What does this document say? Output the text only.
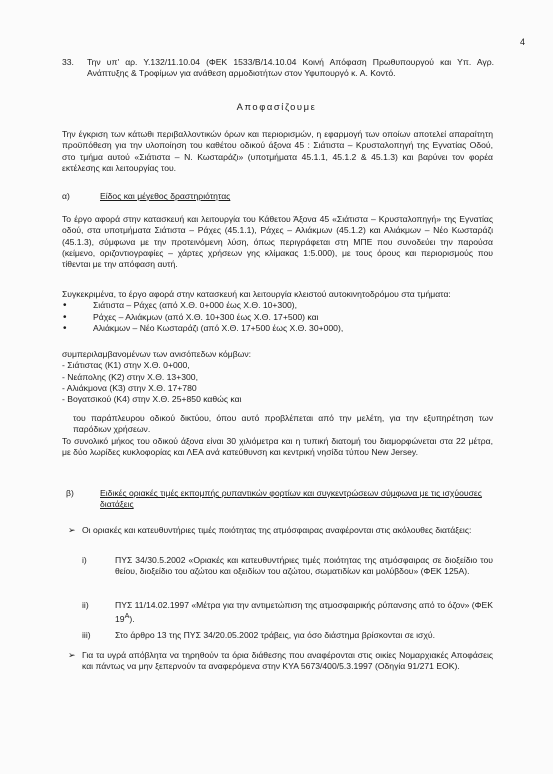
4
33. Την υπ' αρ. Υ.132/11.10.04 (ΦΕΚ 1533/Β/14.10.04 Κοινή Απόφαση Πρωθυπουργού και Υπ. Αγρ. Ανάπτυξης & Τροφίμων για ανάθεση αρμοδιοτήτων στον Υφυπουργό κ. Α. Κοντό.
Αποφασίζουμε

Την έγκριση των κάτωθι περιβαλλοντικών όρων και περιορισμών, η εφαρμογή των οποίων αποτελεί απαραίτητη προϋπόθεση για την υλοποίηση του καθέτου οδικού άξονα 45 : Σιάτιστα – Κρυσταλοπηγή της Εγνατίας Οδού, στο τμήμα αυτού «Σιάτιστα – Ν. Κωσταράζι» (υποτμήματα 45.1.1, 45.1.2 & 45.1.3) και βαρύνει τον φορέα εκτέλεσης και λειτουργίας του.

α)	Είδος και μέγεθος δραστηριότητας

Το έργο αφορά στην κατασκευή και λειτουργία του Κάθετου Άξονα 45 «Σιάτιστα – Κρυσταλοπηγή» της Εγνατίας οδού, στα υποτμήματα Σιάτιστα – Ράχες (45.1.1), Ράχες – Αλιάκμων (45.1.2) και Αλιάκμων – Νέο Κωσταράζι (45.1.3), σύμφωνα με την προτεινόμενη λύση, όπως περιγράφεται στη ΜΠΕ που συνοδεύει την παρούσα (κείμενο, οριζοντιογραφίες – χάρτες χρήσεων γης κλίμακας 1:5.000), με τους όρους και περιορισμούς που τίθενται με την απόφαση αυτή.

Συγκεκριμένα, το έργο αφορά στην κατασκευή και λειτουργία κλειστού αυτοκινητοδρόμου στα τμήματα:
• Σιάτιστα – Ράχες (από Χ.Θ. 0+000 έως Χ.Θ. 10+300),
• Ράχες – Αλιάκμων (από Χ.Θ. 10+300 έως Χ.Θ. 17+500) και
• Αλιάκμων – Νέο Κωσταράζι (από Χ.Θ. 17+500 έως Χ.Θ. 30+000),
συμπεριλαμβανομένων των ανισόπεδων κόμβων:
- Σιάτιστας (Κ1) στην Χ.Θ. 0+000,
- Νεάπολης (Κ2) στην Χ.Θ. 13+300,
- Αλιάκμονα (Κ3) στην Χ.Θ. 17+780
- Βογατσικού (Κ4) στην Χ.Θ. 25+850 καθώς και

του παράπλευρου οδικού δικτύου, όπου αυτό προβλέπεται από την μελέτη, για την εξυπηρέτηση των παρόδιων χρήσεων.

Το συνολικό μήκος του οδικού άξονα είναι 30 χιλιόμετρα και η τυπική διατομή του διαμορφώνεται στα 22 μέτρα, με δύο λωρίδες κυκλοφορίας και ΛΕΑ ανά κατεύθυνση και κεντρική νησίδα τύπου New Jersey.

β)	Ειδικές οριακές τιμές εκπομπής ρυπαντικών φορτίων και συγκεντρώσεων σύμφωνα με τις ισχύουσες διατάξεις
➢ Οι οριακές και κατευθυντήριες τιμές ποιότητας της ατμόσφαιρας αναφέρονται στις ακόλουθες διατάξεις:
i)	ΠΥΣ 34/30.5.2002 «Οριακές και κατευθυντήριες τιμές ποιότητας της ατμόσφαιρας σε διοξείδιο του θείου, διοξείδιο του αζώτου και οξειδίων του αζώτου, σωματιδίων και μολύβδου» (ΦΕΚ 125Α).
ii)	ΠΥΣ 11/14.02.1997 «Μέτρα για την αντιμετώπιση της ατμοσφαιρικής ρύπανσης από το όζον» (ΦΕΚ $19^A$).
iii)	Στο άρθρο 13 της ΠΥΣ 34/20.05.2002 τράβεις, για όσο διάστημα βρίσκονται σε ισχύ.
➢ Για τα υγρά απόβλητα να τηρηθούν τα όρια διάθεσης που αναφέρονται στις οικίες Νομαρχιακές Αποφάσεις και πάντως να μην ξεπερνούν τα αναφερόμενα στην ΚΥΑ 5673/400/5.3.1997 (Οδηγία 91/271 ΕΟΚ).
